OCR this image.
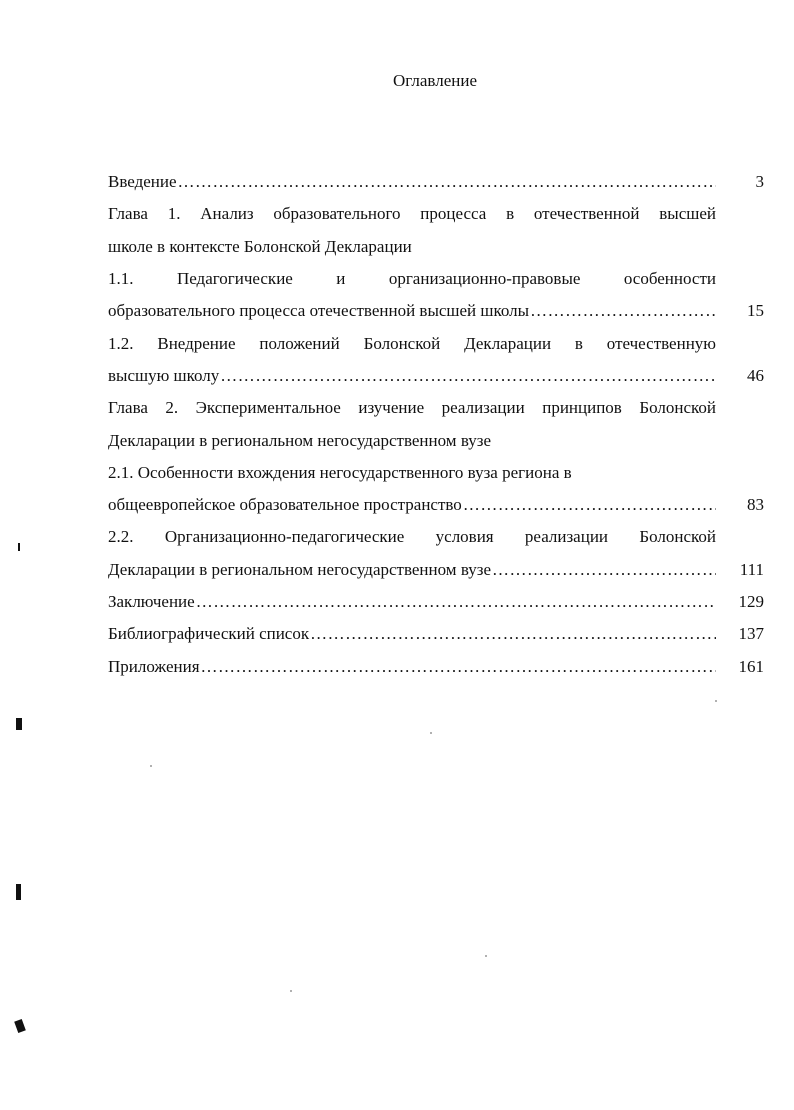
Оглавление
Введение ………………………………………………………………………………………………………………………………………………………………………………………………	3
Глава 1. Анализ образовательного процесса в отечественной высшей
школе в контексте Болонской Декларации
1.1. Педагогические и организационно-правовые особенности
образовательного процесса отечественной высшей школы ………………………………………………………………………………………………………………………………………………………………………………………………	15
1.2. Внедрение положений Болонской Декларации в отечественную
высшую школу ………………………………………………………………………………………………………………………………………………………………………………………………	46
Глава 2. Экспериментальное изучение реализации принципов Болонской
Декларации в региональном негосударственном вузе
2.1. Особенности вхождения негосударственного вуза региона в
общеевропейское образовательное пространство ………………………………………………………………………………………………………………………………………………………………………………………………	83
2.2. Организационно-педагогические условия реализации Болонской
Декларации в региональном негосударственном вузе ………………………………………………………………………………………………………………………………………………………………………………………………	111
Заключение ………………………………………………………………………………………………………………………………………………………………………………………………	129
Библиографический список ………………………………………………………………………………………………………………………………………………………………………………………………	137
Приложения ………………………………………………………………………………………………………………………………………………………………………………………………	161
